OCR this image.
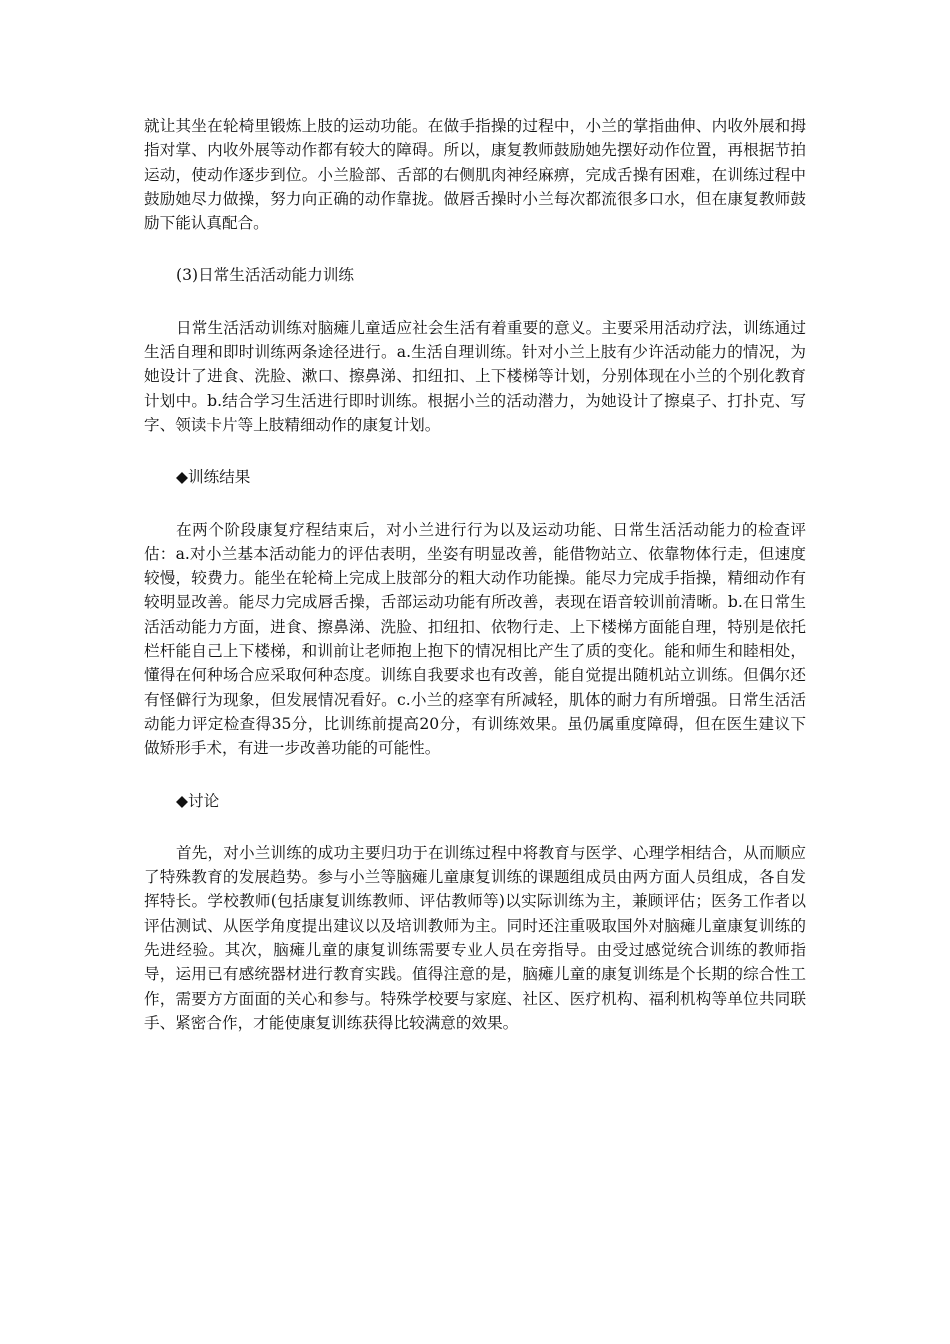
就让其坐在轮椅里锻炼上肢的运动功能。在做手指操的过程中，小兰的掌指曲伸、内收外展和拇指对掌、内收外展等动作都有较大的障碍。所以，康复教师鼓励她先摆好动作位置，再根据节拍运动，使动作逐步到位。小兰脸部、舌部的右侧肌肉神经麻痹，完成舌操有困难，在训练过程中鼓励她尽力做操，努力向正确的动作靠拢。做唇舌操时小兰每次都流很多口水，但在康复教师鼓励下能认真配合。

(3)日常生活活动能力训练

日常生活活动训练对脑瘫儿童适应社会生活有着重要的意义。主要采用活动疗法，训练通过生活自理和即时训练两条途径进行。a.生活自理训练。针对小兰上肢有少许活动能力的情况，为她设计了进食、洗脸、漱口、擦鼻涕、扣纽扣、上下楼梯等计划，分别体现在小兰的个别化教育计划中。b.结合学习生活进行即时训练。根据小兰的活动潜力，为她设计了擦桌子、打扑克、写字、领读卡片等上肢精细动作的康复计划。

◆训练结果

在两个阶段康复疗程结束后，对小兰进行行为以及运动功能、日常生活活动能力的检查评估：a.对小兰基本活动能力的评估表明，坐姿有明显改善，能借物站立、依靠物体行走，但速度较慢，较费力。能坐在轮椅上完成上肢部分的粗大动作功能操。能尽力完成手指操，精细动作有较明显改善。能尽力完成唇舌操，舌部运动功能有所改善，表现在语音较训前清晰。b.在日常生活活动能力方面，进食、擦鼻涕、洗脸、扣纽扣、依物行走、上下楼梯方面能自理，特别是依托栏杆能自己上下楼梯，和训前让老师抱上抱下的情况相比产生了质的变化。能和师生和睦相处，懂得在何种场合应采取何种态度。训练自我要求也有改善，能自觉提出随机站立训练。但偶尔还有怪僻行为现象，但发展情况看好。c.小兰的痉挛有所减轻，肌体的耐力有所增强。日常生活活动能力评定检查得35分，比训练前提高20分，有训练效果。虽仍属重度障碍，但在医生建议下做矫形手术，有进一步改善功能的可能性。

◆讨论

首先，对小兰训练的成功主要归功于在训练过程中将教育与医学、心理学相结合，从而顺应了特殊教育的发展趋势。参与小兰等脑瘫儿童康复训练的课题组成员由两方面人员组成，各自发挥特长。学校教师(包括康复训练教师、评估教师等)以实际训练为主，兼顾评估；医务工作者以评估测试、从医学角度提出建议以及培训教师为主。同时还注重吸取国外对脑瘫儿童康复训练的先进经验。其次，脑瘫儿童的康复训练需要专业人员在旁指导。由受过感觉统合训练的教师指导，运用已有感统器材进行教育实践。值得注意的是，脑瘫儿童的康复训练是个长期的综合性工作，需要方方面面的关心和参与。特殊学校要与家庭、社区、医疗机构、福利机构等单位共同联手、紧密合作，才能使康复训练获得比较满意的效果。
